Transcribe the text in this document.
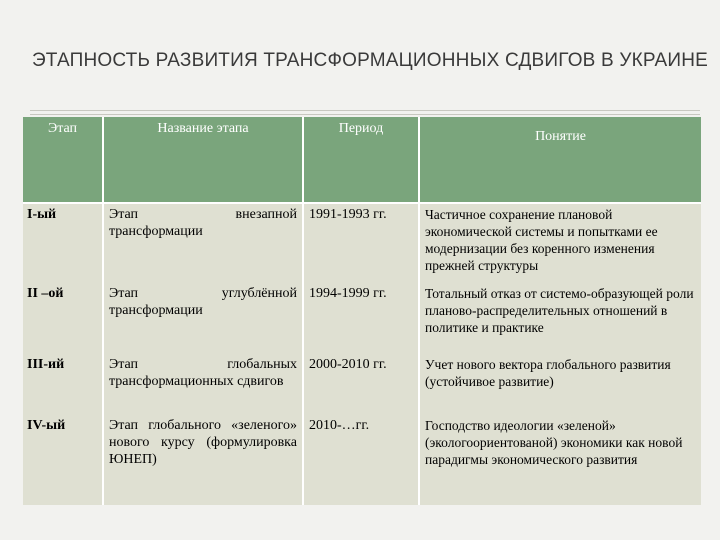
ЭТАПНОСТЬ РАЗВИТИЯ ТРАНСФОРМАЦИОННЫХ СДВИГОВ В УКРАИНЕ
Этап	Название этапа	Период	Понятие
I-ый	Этап внезапной трансформации	1991-1993 гг.	Частичное сохранение плановой экономической системы и попытками ее модернизации без коренного изменения прежней структуры
II –ой	Этап углублённой трансформации	1994-1999 гг.	Тотальный отказ от системо-образующей роли планово-распределительных отношений в политике и практике
III-ий	Этап глобальных трансформационных сдвигов	2000-2010 гг.	Учет нового вектора глобального развития (устойчивое развитие)
IV-ый	Этап глобального «зеленого» нового курсу (формулировка ЮНЕП)	2010-…гг.	Господство идеологии «зеленой» (экологоориентованой) экономики как новой парадигмы экономического развития
